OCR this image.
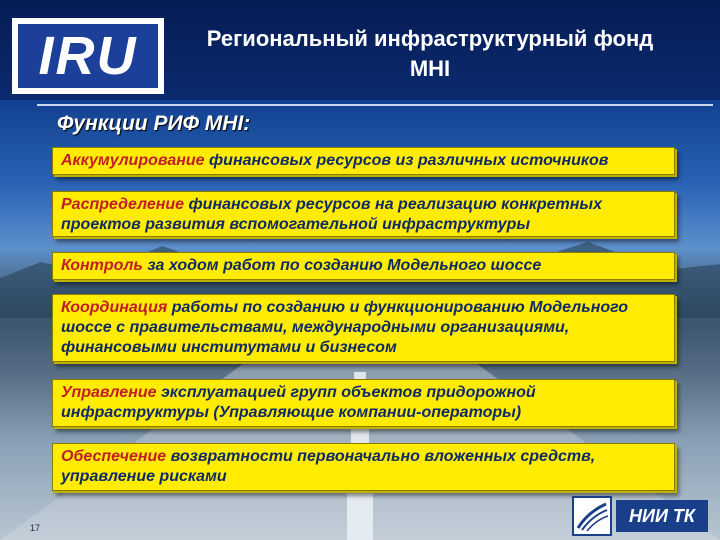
IRU	Региональный инфраструктурный фонд
MHI
Функции РИФ МНI:
Аккумулирование финансовых ресурсов из различных источников
Распределение финансовых ресурсов на реализацию конкретных проектов развития вспомогательной инфраструктуры
Контроль за ходом работ по созданию Модельного шоссе
Координация работы по созданию и функционированию Модельного шоссе с правительствами, международными организациями, финансовыми институтами и бизнесом
Управление эксплуатацией групп объектов придорожной инфраструктуры (Управляющие компании-операторы)
Обеспечение возвратности первоначально вложенных средств, управление рисками
17
НИИ ТК
